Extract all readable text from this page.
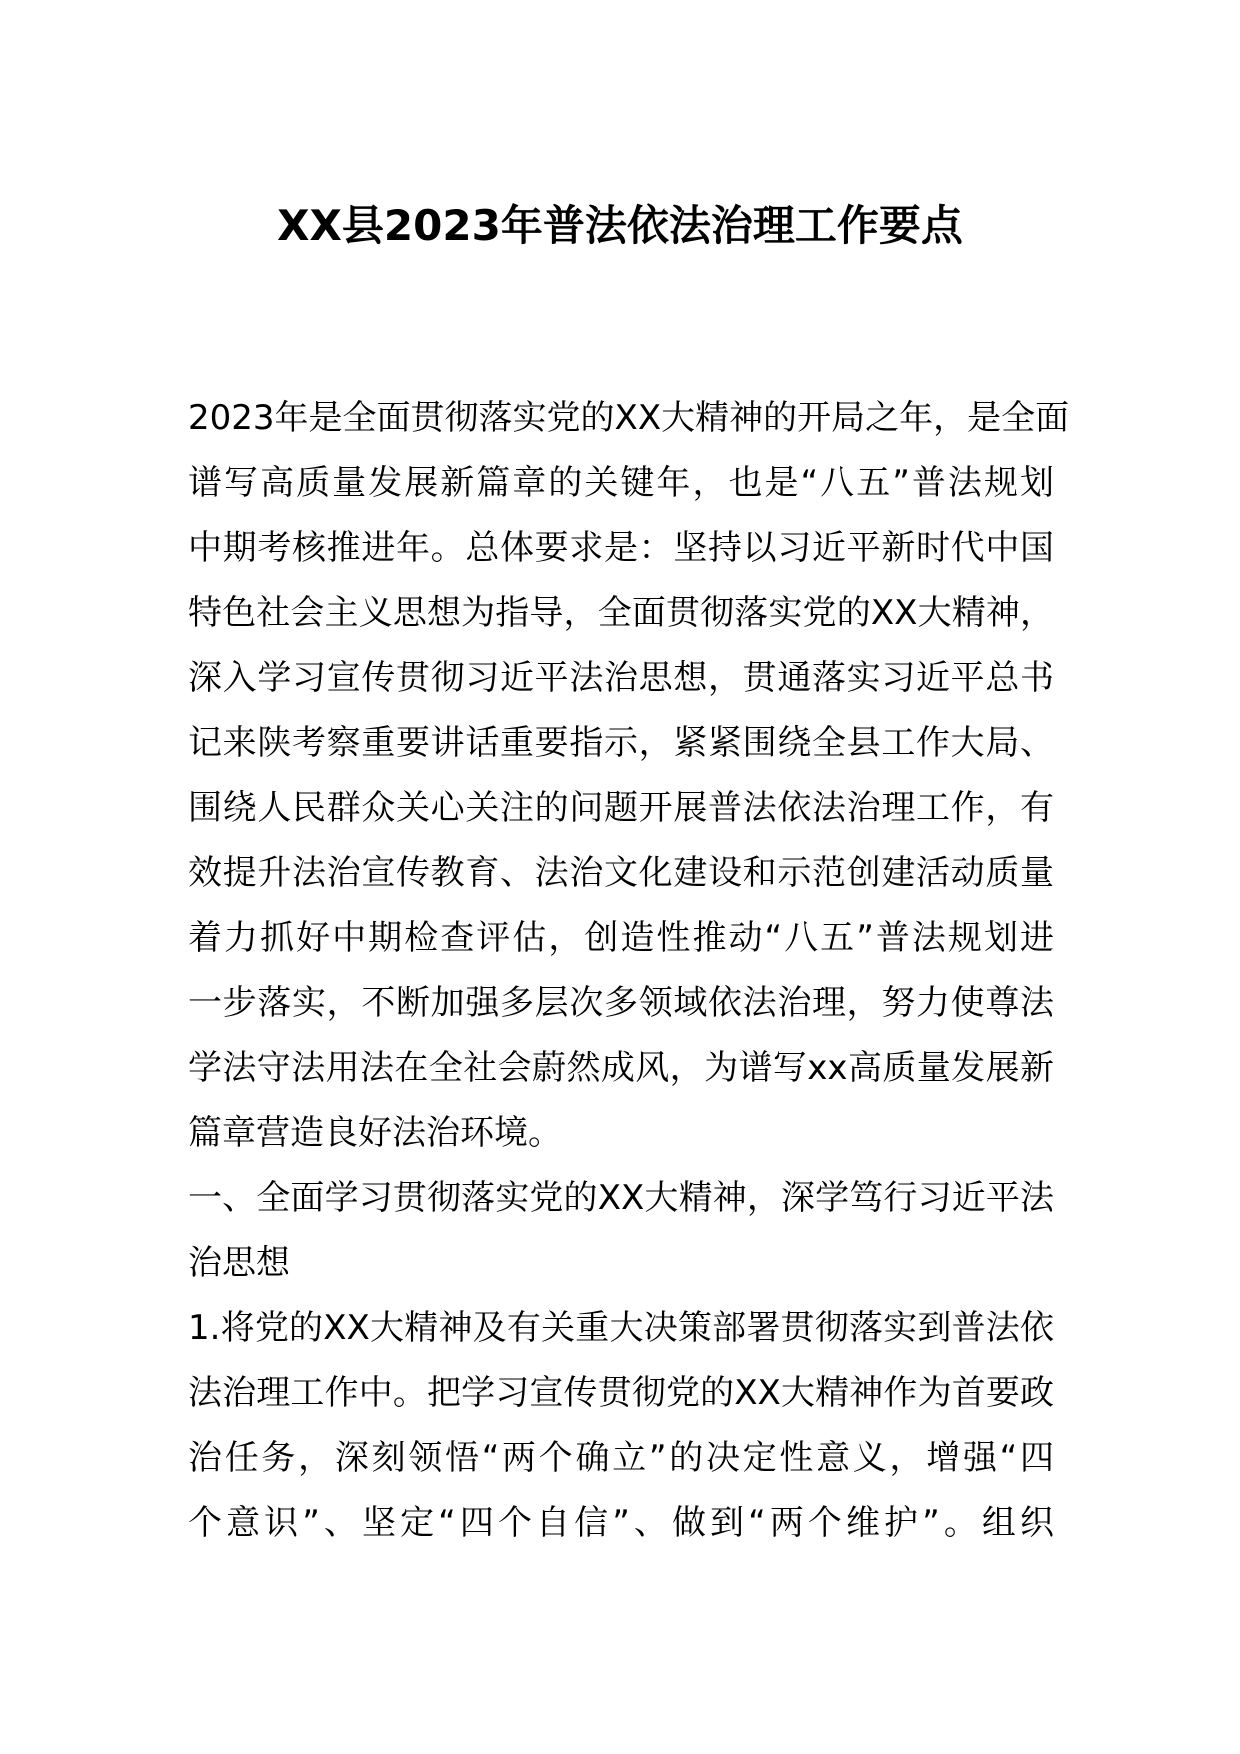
XX县2023年普法依法治理工作要点
2023年是全面贯彻落实党的XX大精神的开局之年，是全面
谱写高质量发展新篇章的关键年，也是“八五”普法规划
中期考核推进年。总体要求是：坚持以习近平新时代中国
特色社会主义思想为指导，全面贯彻落实党的XX大精神，
深入学习宣传贯彻习近平法治思想，贯通落实习近平总书
记来陕考察重要讲话重要指示，紧紧围绕全县工作大局、
围绕人民群众关心关注的问题开展普法依法治理工作，有
效提升法治宣传教育、法治文化建设和示范创建活动质量
着力抓好中期检查评估，创造性推动“八五”普法规划进
一步落实，不断加强多层次多领域依法治理，努力使尊法
学法守法用法在全社会蔚然成风，为谱写xx高质量发展新
篇章营造良好法治环境。
一、全面学习贯彻落实党的XX大精神，深学笃行习近平法
治思想
1.将党的XX大精神及有关重大决策部署贯彻落实到普法依
法治理工作中。把学习宣传贯彻党的XX大精神作为首要政
治任务，深刻领悟“两个确立”的决定性意义，增强“四
个意识”、坚定“四个自信”、做到“两个维护”。组织
